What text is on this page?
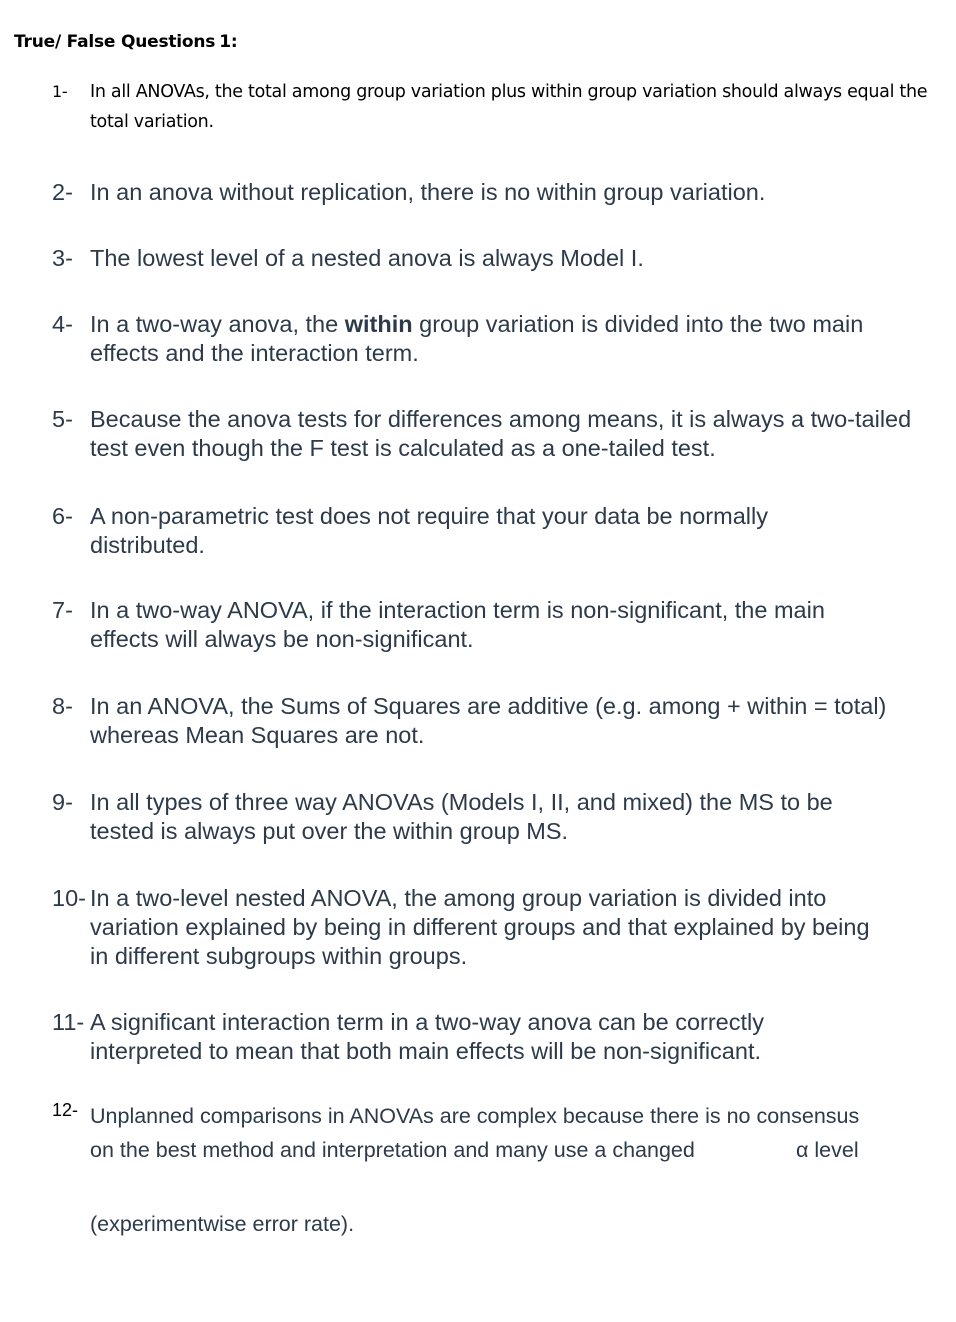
True/ False Questions 1:
1- In all ANOVAs, the total among group variation plus within group variation should always equal the total variation.
2- In an anova without replication, there is no within group variation.
3- The lowest level of a nested anova is always Model I.
4- In a two-way anova, the within group variation is divided into the two main effects and the interaction term.
5- Because the anova tests for differences among means, it is always a two-tailed test even though the F test is calculated as a one-tailed test.
6- A non-parametric test does not require that your data be normally distributed.
7- In a two-way ANOVA, if the interaction term is non-significant, the main effects will always be non-significant.
8- In an ANOVA, the Sums of Squares are additive (e.g. among + within = total) whereas Mean Squares are not.
9- In all types of three way ANOVAs (Models I, II, and mixed) the MS to be tested is always put over the within group MS.
10- In a two-level nested ANOVA, the among group variation is divided into variation explained by being in different groups and that explained by being in different subgroups within groups.
11- A significant interaction term in a two-way anova can be correctly interpreted to mean that both main effects will be non-significant.
12- Unplanned comparisons in ANOVAs are complex because there is no consensus
on the best method and interpretation and many use a changed	α level
(experimentwise error rate).
